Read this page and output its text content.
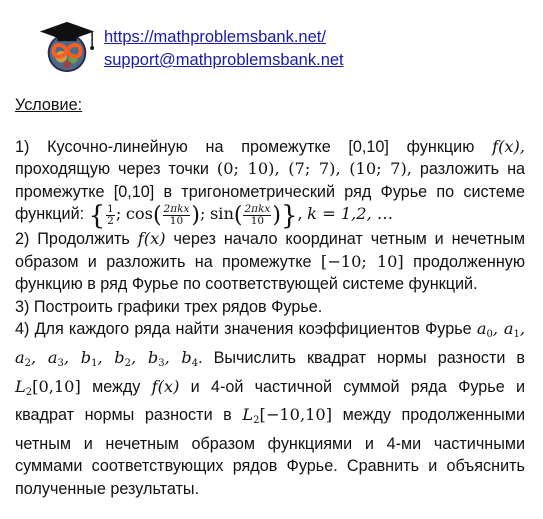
https://mathproblemsbank.net/
support@mathproblemsbank.net

Условие:

1) Кусочно-линейную на промежутке [0,10] функцию f(x), проходящую через точки (0; 10), (7; 7), (10; 7), разложить на промежутке [0,10] в тригонометрический ряд Фурье по системе функций: { $\frac{1}{2}$ ; $\cos( \frac{\text{2πkx}}{10}$ ); $\sin( \frac{\text{2πkx}}{10}$ )}, k = 1,2, …

2) Продолжить f(x) через начало координат четным и нечетным образом и разложить на промежутке [−10; 10] продолженную функцию в ряд Фурье по соответствующей системе функций.

3) Построить графики трех рядов Фурье.

4) Для каждого ряда найти значения коэффициентов Фурье $a_0$, $a_1$, $a_2$, $a_3$, $b_1$, $b_2$, $b_3$, $b_4$. Вычислить квадрат нормы разности в $L_2[0,10]$ между f(x) и 4-ой частичной суммой ряда Фурье и квадрат нормы разности в $L_2[-10,10]$ между продолженными четным и нечетным образом функциями и 4-ми частичными суммами соответствующих рядов Фурье. Сравнить и объяснить полученные результаты.
